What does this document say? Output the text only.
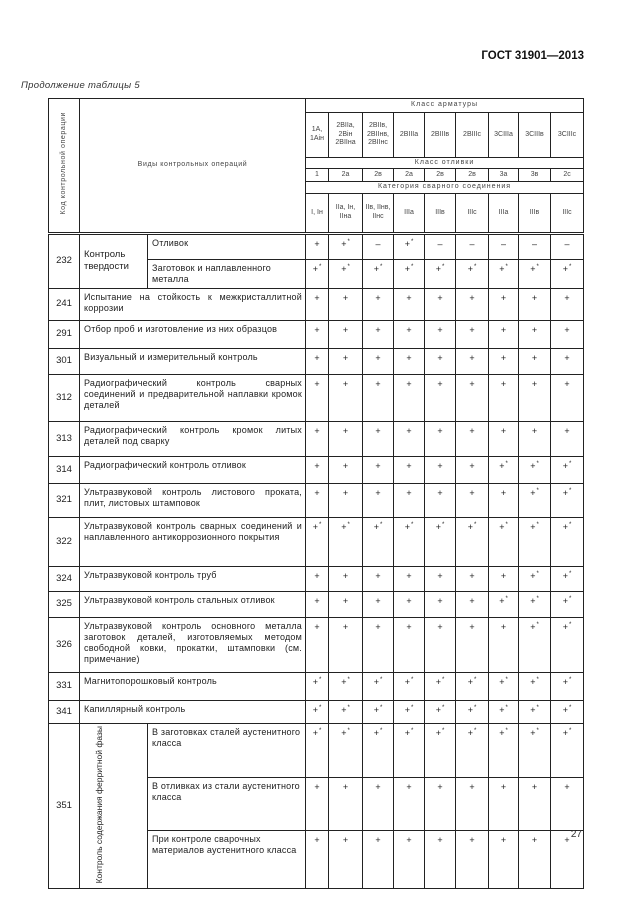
ГОСТ 31901—2013
Продолжение таблицы 5
Код контрольной операции	Виды контрольных операций		Класс арматуры								
			1А, 1Аін	2ВІІа, 2Він 2ВІІна	2ВІІв, 2ВІІнв, 2ВІІнс	2ВІІІа	2ВІІІв	2ВІІІс	3СІІІа	3СІІІв	3СІІІс
			Класс отливки								
			1	2а	2в	2а	2в	2в	3а	3в	2с
			Категория сварного соединения								
			І, Ін	ІІа, Ін, ІІна	ІІв, ІІнв, ІІнс	ІІІа	ІІІв	ІІІс	ІІІа	ІІІв	ІІІс
232	Контроль твердости	Отливок	+	+*	–	+*	–	–	–	–	–
		Заготовок и наплавленного металла	+*	+*	+*	+*	+*	+*	+*	+*	+*
241	Испытание на стойкость к межкристаллитной коррозии		+	+	+	+	+	+	+	+	+
291	Отбор проб и изготовление из них образцов		+	+	+	+	+	+	+	+	+
301	Визуальный и измерительный контроль		+	+	+	+	+	+	+	+	+
312	Радиографический контроль сварных соединений и предварительной наплавки кромок деталей		+	+	+	+	+	+	+	+	+
313	Радиографический контроль кромок литых деталей под сварку		+	+	+	+	+	+	+	+	+
314	Радиографический контроль отливок		+	+	+	+	+	+	+*	+*	+*
321	Ультразвуковой контроль листового проката, плит, листовых штамповок		+	+	+	+	+	+	+	+*	+*
322	Ультразвуковой контроль сварных соединений и наплавленного антикоррозионного покрытия		+*	+*	+*	+*	+*	+*	+*	+*	+*
324	Ультразвуковой контроль труб		+	+	+	+	+	+	+	+*	+*
325	Ультразвуковой контроль стальных отливок		+	+	+	+	+	+	+*	+*	+*
326	Ультразвуковой контроль основного металла заготовок деталей, изготовляемых методом свободной ковки, прокатки, штамповки (см. примечание)		+	+	+	+	+	+	+	+*	+*
331	Магнитопорошковый контроль		+*	+*	+*	+*	+*	+*	+*	+*	+*
341	Капиллярный контроль		+*	+*	+*	+*	+*	+*	+*	+*	+*
351	Контроль содержания ферритной фазы	В заготовках сталей аустенитного класса	+*	+*	+*	+*	+*	+*	+*	+*	+*
		В отливках из стали аустенитного класса	+	+	+	+	+	+	+	+	+
		При контроле сварочных материалов аустенитного класса	+	+	+	+	+	+	+	+	+
27
